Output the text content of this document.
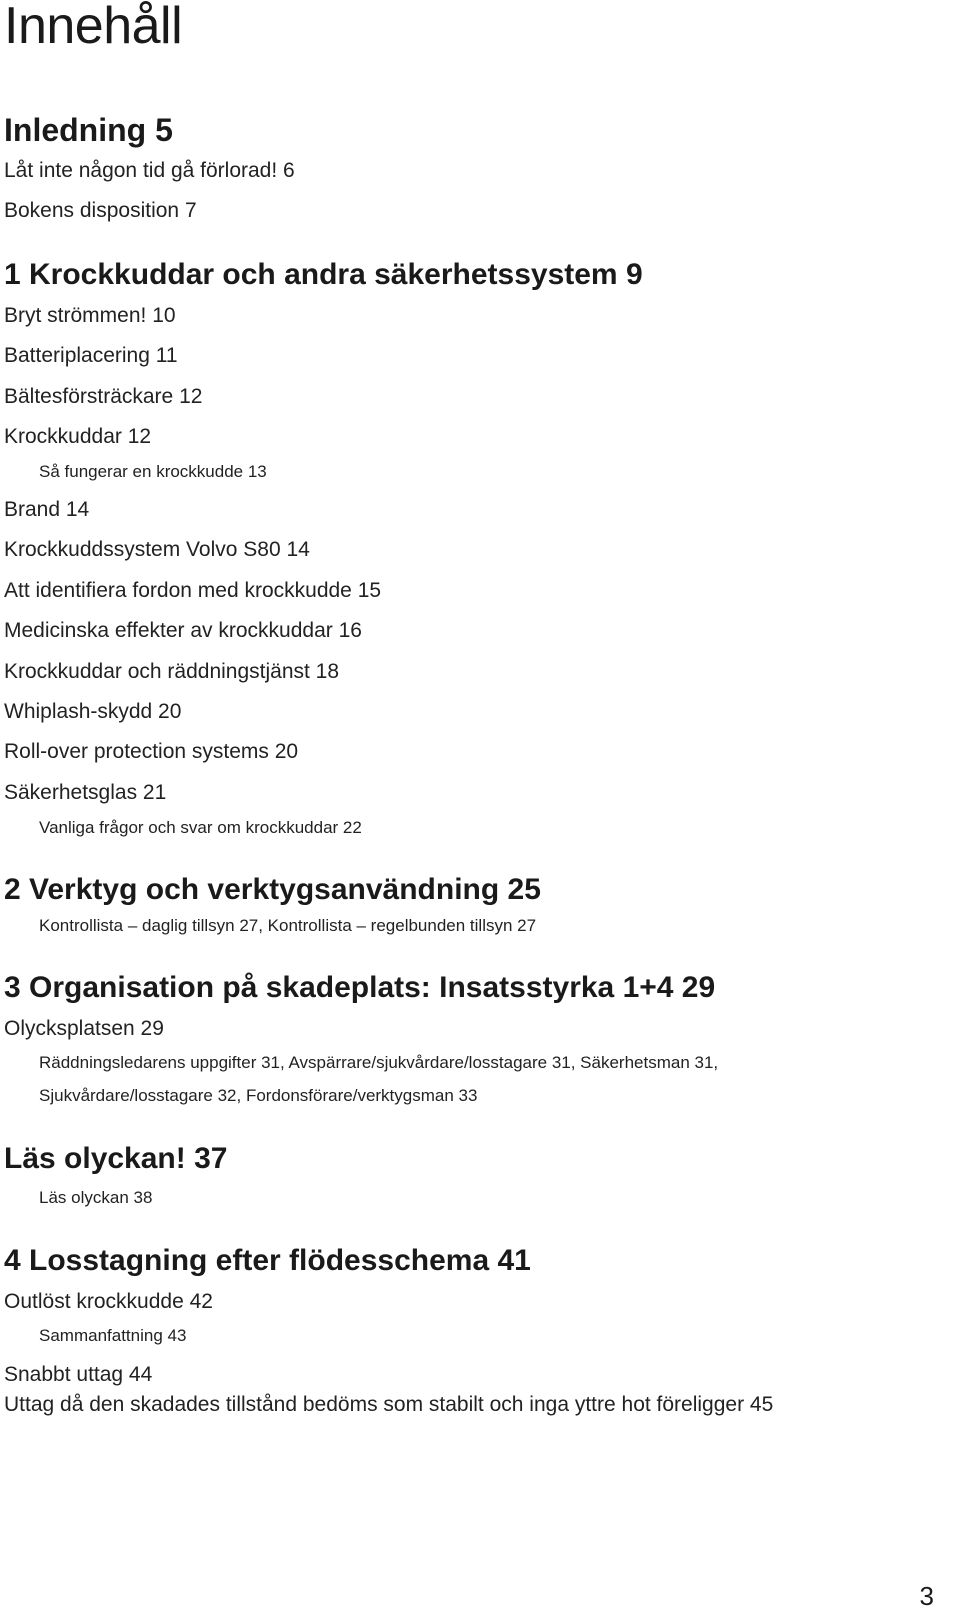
Innehåll
Inledning 5
Låt inte någon tid gå förlorad! 6
Bokens disposition 7
1 Krockkuddar och andra säkerhetssystem 9
Bryt strömmen! 10
Batteriplacering 11
Bältesförsträckare 12
Krockkuddar 12
Så fungerar en krockkudde 13
Brand 14
Krockkuddssystem Volvo S80 14
Att identifiera fordon med krockkudde 15
Medicinska effekter av krockkuddar 16
Krockkuddar och räddningstjänst 18
Whiplash-skydd 20
Roll-over protection systems 20
Säkerhetsglas 21
Vanliga frågor och svar om krockkuddar 22
2 Verktyg och verktygsanvändning 25
Kontrollista – daglig tillsyn 27, Kontrollista – regelbunden tillsyn 27
3 Organisation på skadeplats: Insatsstyrka 1+4 29
Olycksplatsen 29
Räddningsledarens uppgifter 31, Avspärrare/sjukvårdare/losstagare 31, Säkerhetsman 31,
Sjukvårdare/losstagare 32, Fordonsförare/verktygsman 33
Läs olyckan! 37
Läs olyckan 38
4 Losstagning efter flödesschema 41
Outlöst krockkudde 42
Sammanfattning 43
Snabbt uttag 44
Uttag då den skadades tillstånd bedöms som stabilt och inga yttre hot föreligger 45
3
